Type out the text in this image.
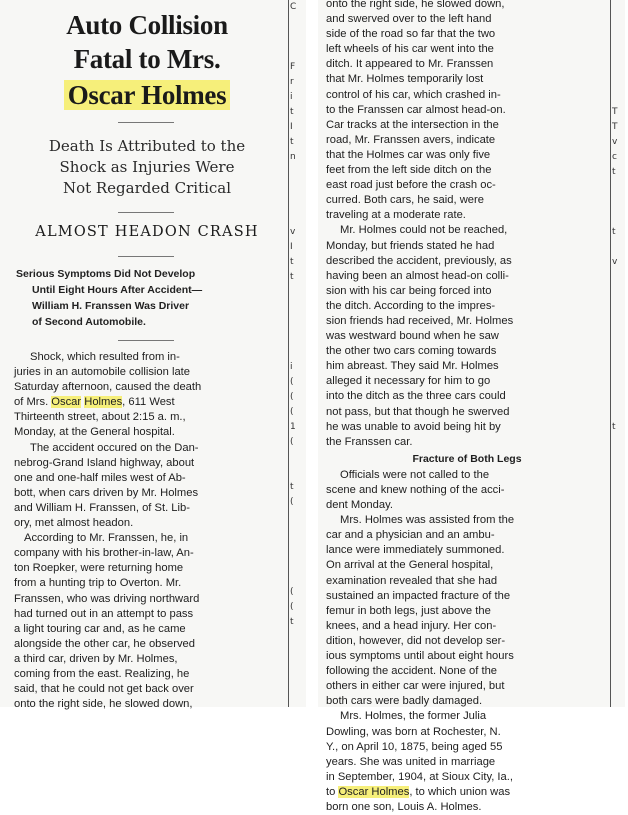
C

F
r
i
t
I
t
n

v
I
t
t

i
(
(
(
1
(

t
(

(
(
t
Auto Collision
Fatal to Mrs.
Oscar Holmes
Death Is Attributed to the
Shock as Injuries Were
Not Regarded Critical
ALMOST HEADON CRASH
Serious Symptoms Did Not Develop
Until Eight Hours After Accident—
William H. Franssen Was Driver
of Second Automobile.
Shock, which resulted from in-
juries in an automobile collision late
Saturday afternoon, caused the death
of Mrs. Oscar Holmes, 611 West
Thirteenth street, about 2:15 a. m.,
Monday, at the General hospital.
The accident occured on the Dan-
nebrog-Grand Island highway, about
one and one-half miles west of Ab-
bott, when cars driven by Mr. Holmes
and William H. Franssen, of St. Lib-
ory, met almost headon.
According to Mr. Franssen, he, in
company with his brother-in-law, An-
ton Roepker, were returning home
from a hunting trip to Overton. Mr.
Franssen, who was driving northward
had turned out in an attempt to pass
a light touring car and, as he came
alongside the other car, he observed
a third car, driven by Mr. Holmes,
coming from the east. Realizing, he
said, that he could not get back over
onto the right side, he slowed down,

T
T
v
c
t

t

v

t

onto the right side, he slowed down,
and swerved over to the left hand
side of the road so far that the two
left wheels of his car went into the
ditch. It appeared to Mr. Franssen
that Mr. Holmes temporarily lost
control of his car, which crashed in-
to the Franssen car almost head-on.
Car tracks at the intersection in the
road, Mr. Franssen avers, indicate
that the Holmes car was only five
feet from the left side ditch on the
east road just before the crash oc-
curred. Both cars, he said, were
traveling at a moderate rate.
Mr. Holmes could not be reached,
Monday, but friends stated he had
described the accident, previously, as
having been an almost head-on colli-
sion with his car being forced into
the ditch. According to the impres-
sion friends had received, Mr. Holmes
was westward bound when he saw
the other two cars coming towards
him abreast. They said Mr. Holmes
alleged it necessary for him to go
into the ditch as the three cars could
not pass, but that though he swerved
he was unable to avoid being hit by
the Franssen car.
Fracture of Both Legs
Officials were not called to the
scene and knew nothing of the acci-
dent Monday.
Mrs. Holmes was assisted from the
car and a physician and an ambu-
lance were immediately summoned.
On arrival at the General hospital,
examination revealed that she had
sustained an impacted fracture of the
femur in both legs, just above the
knees, and a head injury. Her con-
dition, however, did not develop ser-
ious symptoms until about eight hours
following the accident. None of the
others in either car were injured, but
both cars were badly damaged.
Mrs. Holmes, the former Julia
Dowling, was born at Rochester, N.
Y., on April 10, 1875, being aged 55
years. She was united in marriage
in September, 1904, at Sioux City, Ia.,
to Oscar Holmes, to which union was
born one son, Louis A. Holmes.
